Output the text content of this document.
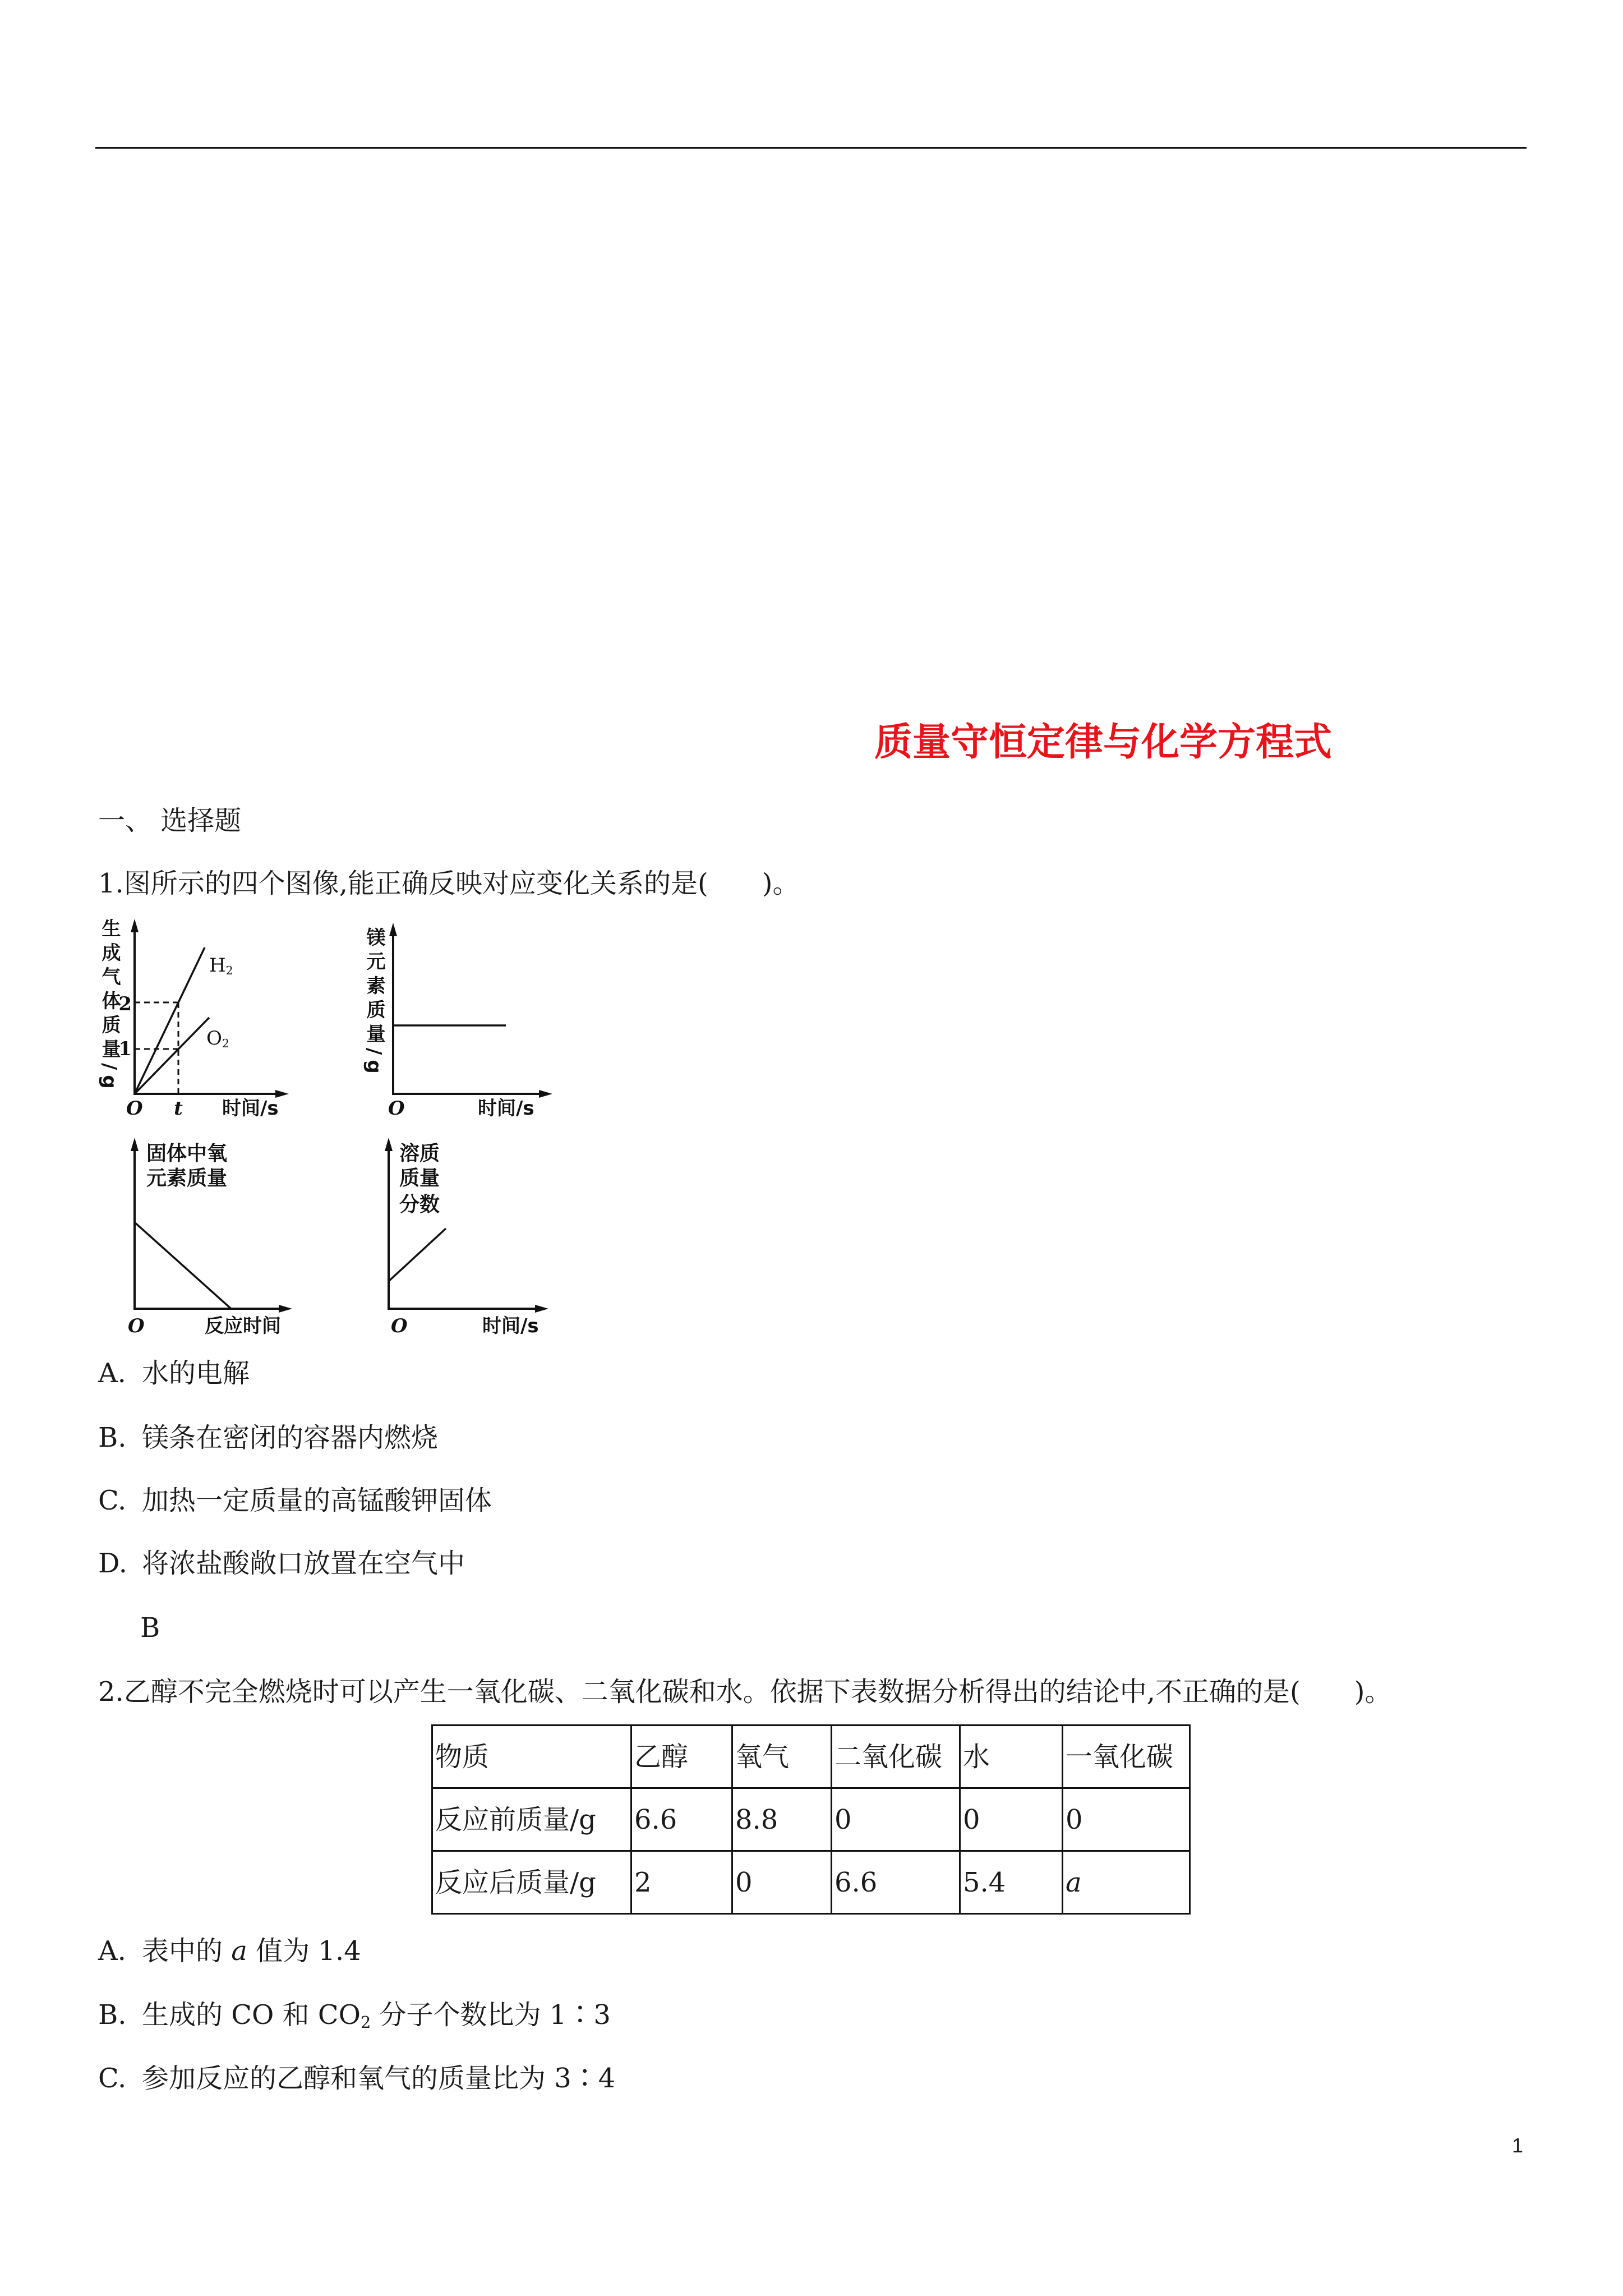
质量守恒定律与化学方程式
一、 选择题
1.图所示的四个图像,能正确反映对应变化关系的是(　　)。
生成气体质量/g
2
1
$H_2$
$O_2$
O t 时间/s
镁元素质量/g
O	时间/s
固体中氧
元素质量
O	反应时间
溶质
质量
分数
O	时间/s
A. 水的电解
B. 镁条在密闭的容器内燃烧
C. 加热一定质量的高锰酸钾固体
D. 将浓盐酸敞口放置在空气中
B
2.乙醇不完全燃烧时可以产生一氧化碳、二氧化碳和水。依据下表数据分析得出的结论中,不正确的是(　　)。
物质	乙醇	氧气	二氧化碳	水	一氧化碳
反应前质量/g	6.6	8.8	0	0	0
反应后质量/g	2	0	6.6	5.4	a
A. 表中的 a 值为 1.4
B. 生成的 CO 和 $CO_2$ 分子个数比为 1∶3
C. 参加反应的乙醇和氧气的质量比为 3∶4
1
